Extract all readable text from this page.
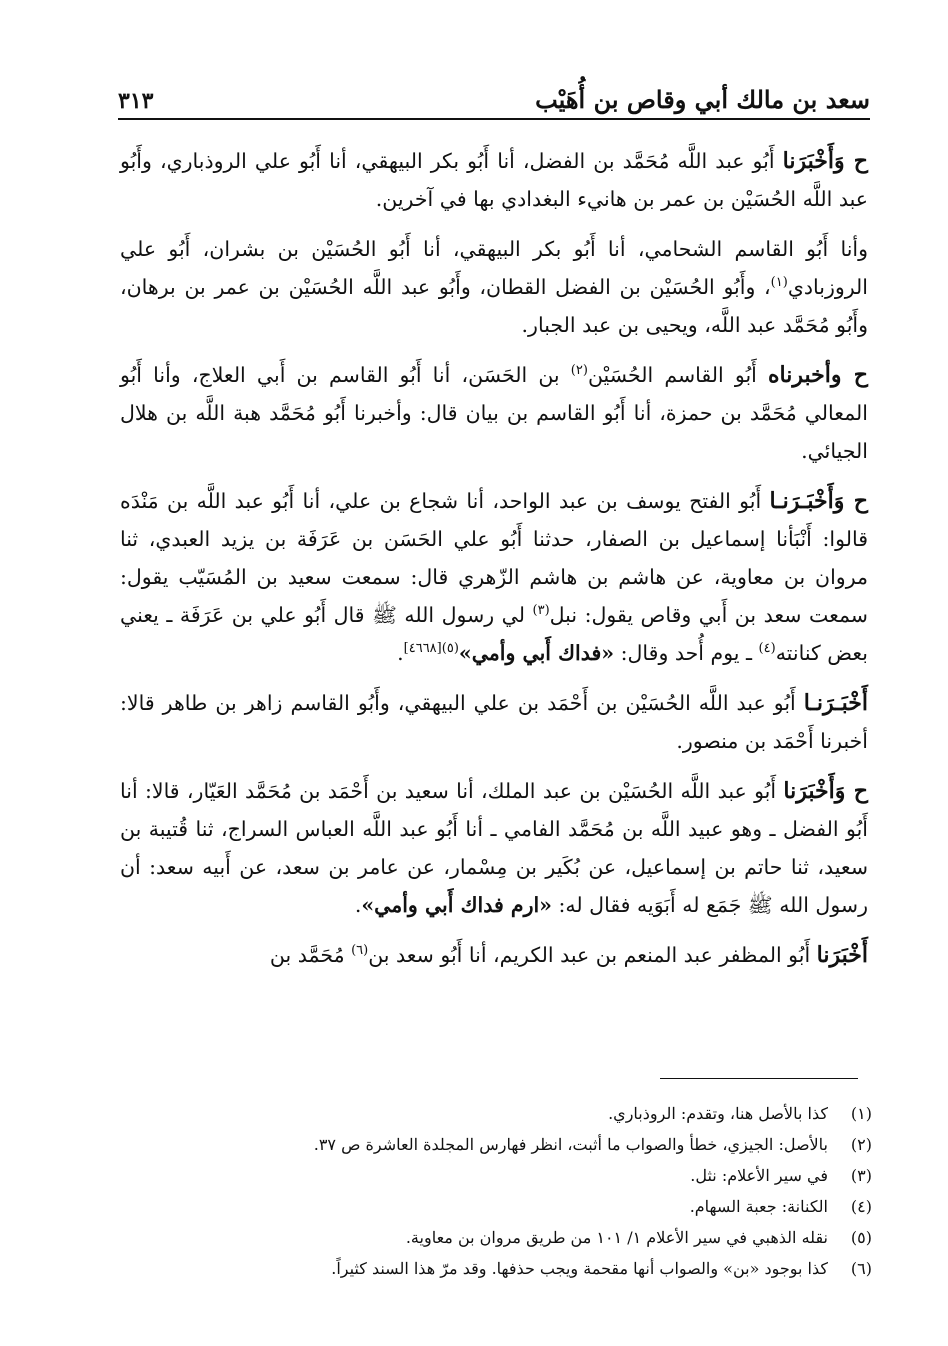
سعد بن مالك أبي وقاص بن أُهَيْب
٣١٣

ح وَأَخْبَرَنا أَبُو عبد اللَّه مُحَمَّد بن الفضل، أنا أَبُو بكر البيهقي، أنا أَبُو علي الروذباري، وأَبُو عبد اللَّه الحُسَيْن بن عمر بن هانيء البغدادي بها في آخرين.

وأنا أَبُو القاسم الشحامي، أنا أَبُو بكر البيهقي، أنا أَبُو الحُسَيْن بن بشران، أَبُو علي الروزبادي$^{(١)}$، وأَبُو الحُسَيْن بن الفضل القطان، وأَبُو عبد اللَّه الحُسَيْن بن عمر بن برهان، وأَبُو مُحَمَّد عبد اللَّه، ويحيى بن عبد الجبار.

ح وأخبرناه أَبُو القاسم الحُسَيْن$^{(٢)}$ بن الحَسَن، أنا أَبُو القاسم بن أَبي العلاج، وأنا أَبُو المعالي مُحَمَّد بن حمزة، أنا أَبُو القاسم بن بيان قال: وأخبرنا أَبُو مُحَمَّد هبة اللَّه بن هلال الجيائي.

ح وَأَخْبَـرَنـا أَبُو الفتح يوسف بن عبد الواحد، أنا شجاع بن علي، أنا أَبُو عبد اللَّه بن مَنْدَه قالوا: أَنْبَأنا إسماعيل بن الصفار، حدثنا أَبُو علي الحَسَن بن عَرَفَة بن يزيد العبدي، ثنا مروان بن معاوية، عن هاشم بن هاشم الزّهري قال: سمعت سعيد بن المُسَيّب يقول: سمعت سعد بن أَبي وقاص يقول: نبل$^{(٣)}$ لي رسول الله ﷺ قال أَبُو علي بن عَرَفَة ـ يعني بعض كنانته$^{(٤)}$ ـ يوم أُحد وقال: «فداك أَبي وأمي»$^{(٥)[٤٦٦٨]}$.

أَخْبَـرَنـا أَبُو عبد اللَّه الحُسَيْن بن أَحْمَد بن علي البيهقي، وأَبُو القاسم زاهر بن طاهر قالا: أخبرنا أَحْمَد بن منصور.

ح وَأَخْبَرَنا أَبُو عبد اللَّه الحُسَيْن بن عبد الملك، أنا سعيد بن أَحْمَد بن مُحَمَّد العَيّار، قالا: أنا أَبُو الفضل ـ وهو عبيد اللَّه بن مُحَمَّد الفامي ـ أنا أَبُو عبد اللَّه العباس السراج، ثنا قُتيبة بن سعيد، ثنا حاتم بن إسماعيل، عن بُكَير بن مِسْمار، عن عامر بن سعد، عن أَبيه سعد: أن رسول الله ﷺ جَمَع له أَبَوَيه فقال له: «ارم فداك أَبي وأمي».

أَخْبَرَنا أَبُو المظفر عبد المنعم بن عبد الكريم، أنا أَبُو سعد بن$^{(٦)}$ مُحَمَّد بن

(١)
كذا بالأصل هنا، وتقدم: الروذباري.
(٢)
بالأصل: الجيزي، خطأ والصواب ما أثبت، انظر فهارس المجلدة العاشرة ص ٣٧.
(٣)
في سير الأعلام: نثل.
(٤)
الكنانة: جعبة السهام.
(٥)
نقله الذهبي في سير الأعلام ١/ ١٠١ من طريق مروان بن معاوية.
(٦)
كذا بوجود «بن» والصواب أنها مقحمة ويجب حذفها. وقد مرّ هذا السند كثيراً.
